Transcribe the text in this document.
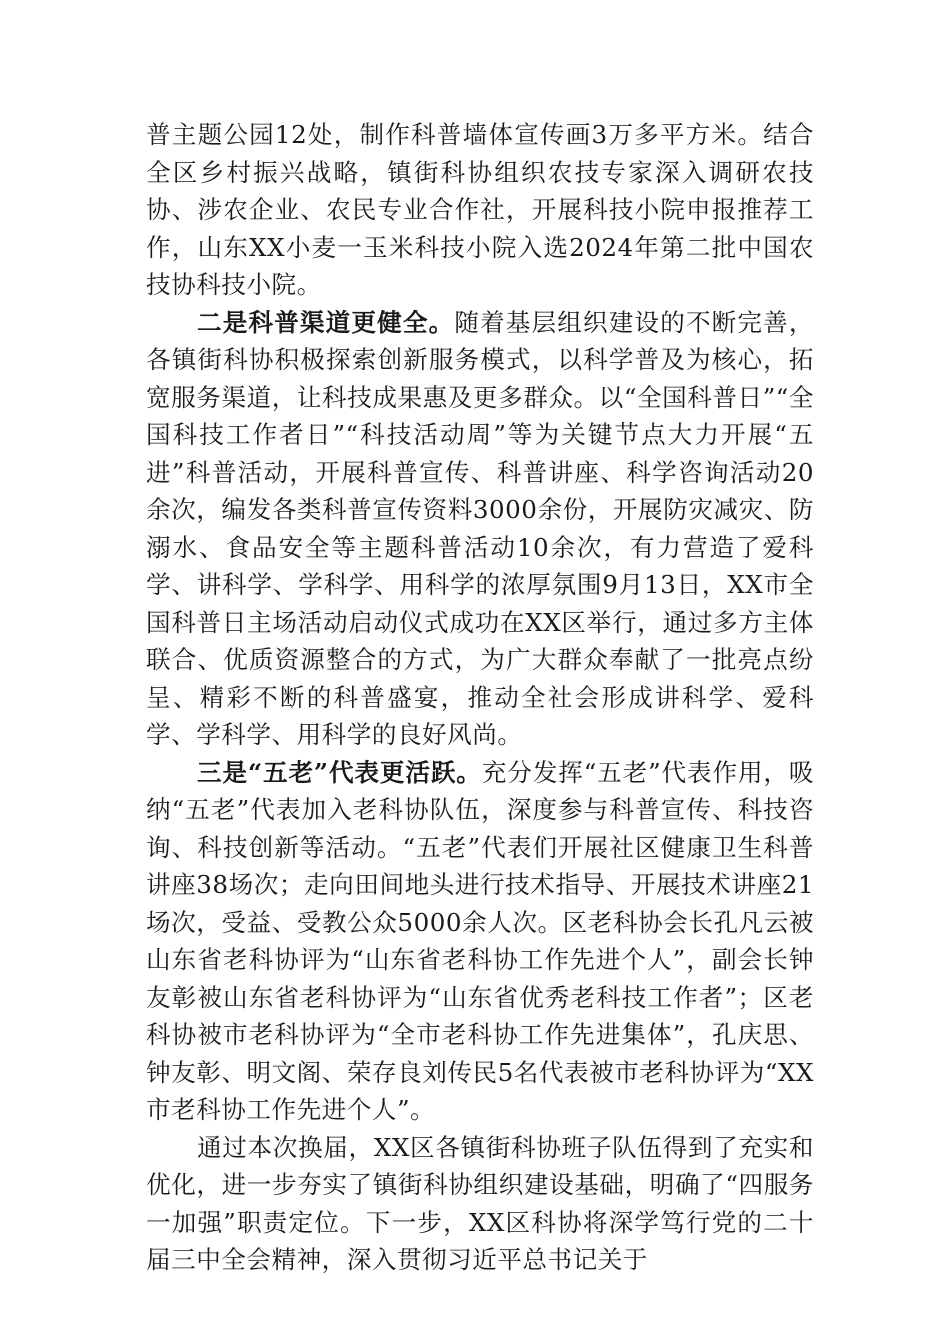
普主题公园12处，制作科普墙体宣传画3万多平方米。结合全区乡村振兴战略，镇街科协组织农技专家深入调研农技协、涉农企业、农民专业合作社，开展科技小院申报推荐工作，山东XX小麦一玉米科技小院入选2024年第二批中国农技协科技小院。

二是科普渠道更健全。随着基层组织建设的不断完善，各镇街科协积极探索创新服务模式，以科学普及为核心，拓宽服务渠道，让科技成果惠及更多群众。以“全国科普日”“全国科技工作者日”“科技活动周”等为关键节点大力开展“五进”科普活动，开展科普宣传、科普讲座、科学咨询活动20余次，编发各类科普宣传资料3000余份，开展防灾减灾、防溺水、食品安全等主题科普活动10余次，有力营造了爱科学、讲科学、学科学、用科学的浓厚氛围9月13日，XX市全国科普日主场活动启动仪式成功在XX区举行，通过多方主体联合、优质资源整合的方式，为广大群众奉献了一批亮点纷呈、精彩不断的科普盛宴，推动全社会形成讲科学、爱科学、学科学、用科学的良好风尚。

三是“五老”代表更活跃。充分发挥“五老”代表作用，吸纳“五老”代表加入老科协队伍，深度参与科普宣传、科技咨询、科技创新等活动。“五老”代表们开展社区健康卫生科普讲座38场次；走向田间地头进行技术指导、开展技术讲座21场次，受益、受教公众5000余人次。区老科协会长孔凡云被山东省老科协评为“山东省老科协工作先进个人”，副会长钟友彰被山东省老科协评为“山东省优秀老科技工作者”；区老科协被市老科协评为“全市老科协工作先进集体”，孔庆思、钟友彰、明文阁、荣存良刘传民5名代表被市老科协评为“XX市老科协工作先进个人”。

通过本次换届，XX区各镇街科协班子队伍得到了充实和优化，进一步夯实了镇街科协组织建设基础，明确了“四服务一加强”职责定位。下一步，XX区科协将深学笃行党的二十届三中全会精神，深入贯彻习近平总书记关于
